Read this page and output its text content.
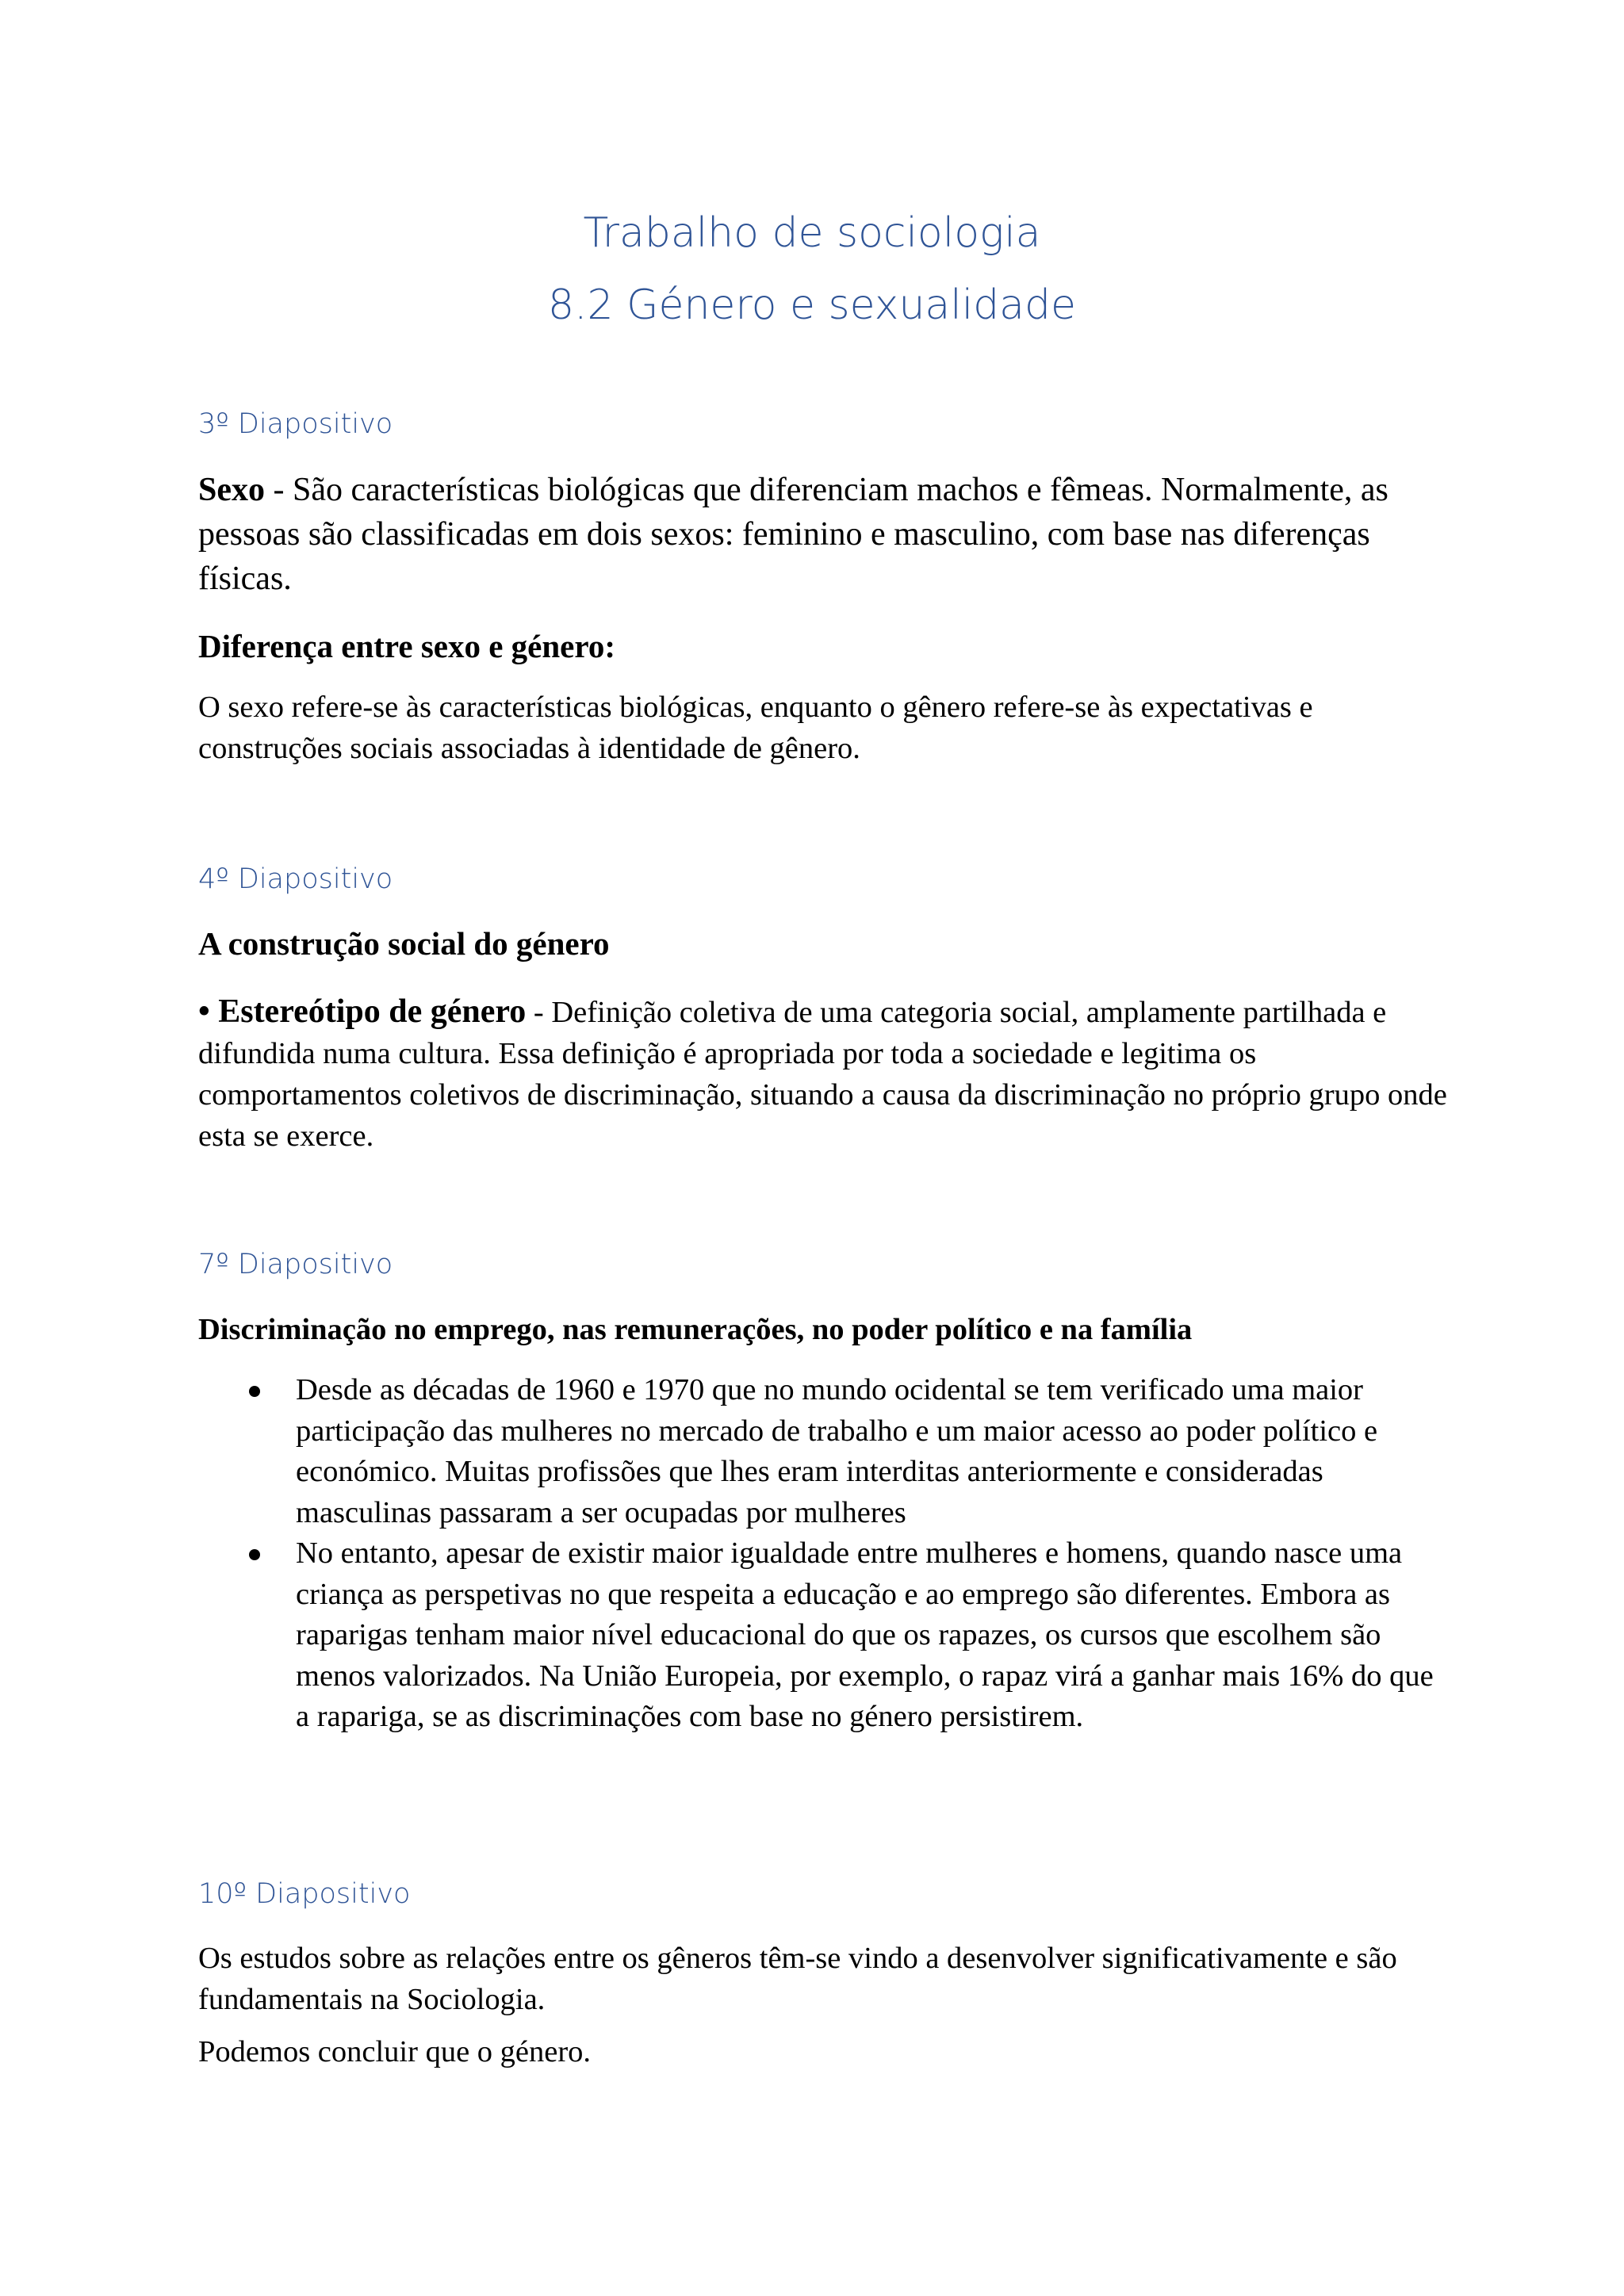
Trabalho de sociologia
8.2 Género e sexualidade
3º Diapositivo
Sexo - São características biológicas que diferenciam machos e fêmeas. Normalmente, as pessoas são classificadas em dois sexos: feminino e masculino, com base nas diferenças físicas.
Diferença entre sexo e género:
O sexo refere-se às características biológicas, enquanto o gênero refere-se às expectativas e construções sociais associadas à identidade de gênero.
4º Diapositivo
A construção social do género
• Estereótipo de género - Definição coletiva de uma categoria social, amplamente partilhada e difundida numa cultura. Essa definição é apropriada por toda a sociedade e legitima os comportamentos coletivos de discriminação, situando a causa da discriminação no próprio grupo onde esta se exerce.
7º Diapositivo
Discriminação no emprego, nas remunerações, no poder político e na família
Desde as décadas de 1960 e 1970 que no mundo ocidental se tem verificado uma maior participação das mulheres no mercado de trabalho e um maior acesso ao poder político e económico. Muitas profissões que lhes eram interditas anteriormente e consideradas masculinas passaram a ser ocupadas por mulheres
No entanto, apesar de existir maior igualdade entre mulheres e homens, quando nasce uma criança as perspetivas no que respeita a educação e ao emprego são diferentes. Embora as raparigas tenham maior nível educacional do que os rapazes, os cursos que escolhem são menos valorizados. Na União Europeia, por exemplo, o rapaz virá a ganhar mais 16% do que a rapariga, se as discriminações com base no género persistirem.
10º Diapositivo
Os estudos sobre as relações entre os gêneros têm-se vindo a desenvolver significativamente e são fundamentais na Sociologia.
Podemos concluir que o género.
